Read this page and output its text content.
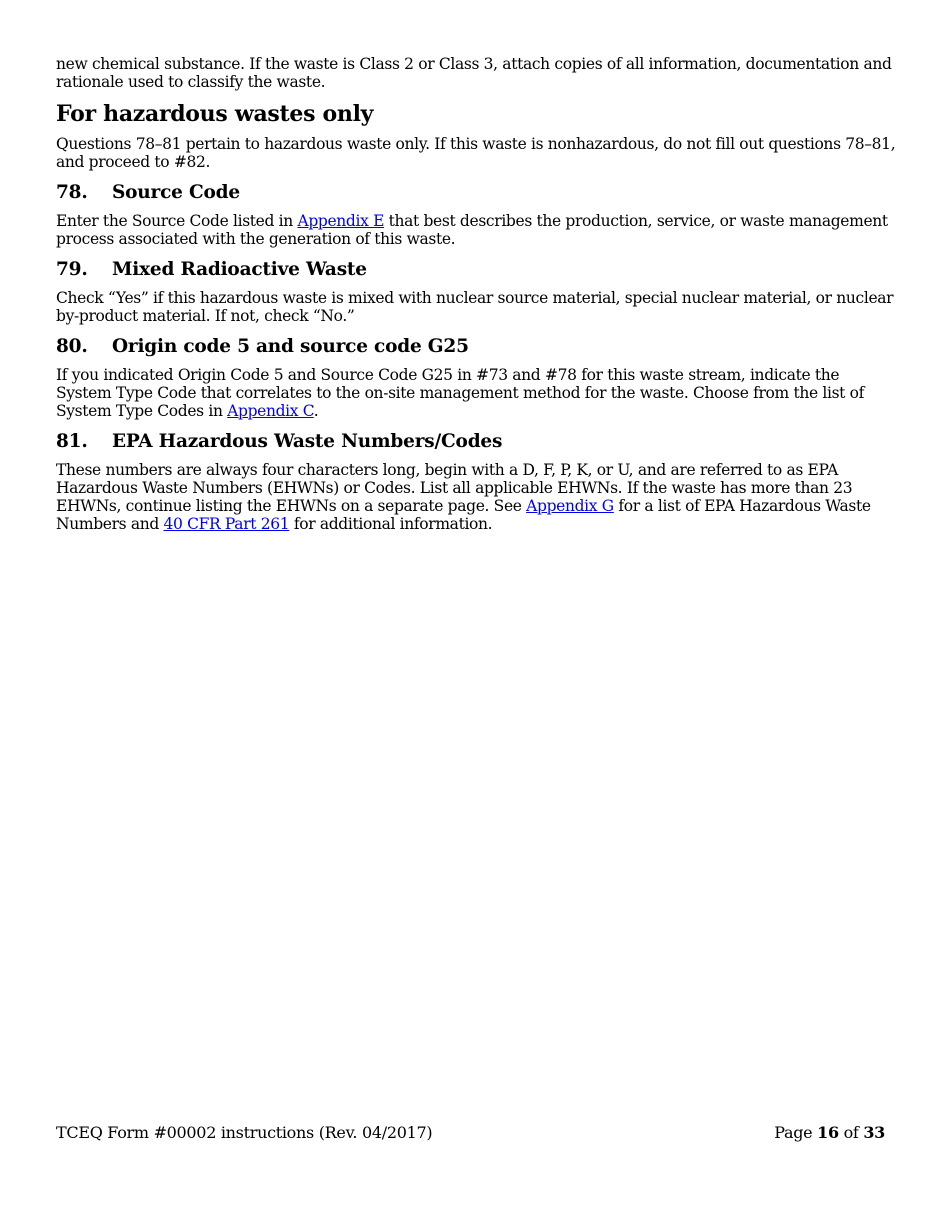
new chemical substance. If the waste is Class 2 or Class 3, attach copies of all information, documentation and rationale used to classify the waste.

For hazardous wastes only

Questions 78–81 pertain to hazardous waste only. If this waste is nonhazardous, do not fill out questions 78–81, and proceed to #82.

78.	Source Code

Enter the Source Code listed in Appendix E that best describes the production, service, or waste management process associated with the generation of this waste.

79.	Mixed Radioactive Waste

Check “Yes” if this hazardous waste is mixed with nuclear source material, special nuclear material, or nuclear by-product material. If not, check “No.”

80.	Origin code 5 and source code G25

If you indicated Origin Code 5 and Source Code G25 in #73 and #78 for this waste stream, indicate the System Type Code that correlates to the on-site management method for the waste. Choose from the list of System Type Codes in Appendix C.

81.	EPA Hazardous Waste Numbers/Codes

These numbers are always four characters long, begin with a D, F, P, K, or U, and are referred to as EPA Hazardous Waste Numbers (EHWNs) or Codes. List all applicable EHWNs. If the waste has more than 23 EHWNs, continue listing the EHWNs on a separate page. See Appendix G for a list of EPA Hazardous Waste Numbers and 40 CFR Part 261 for additional information.

TCEQ Form #00002 instructions (Rev. 04/2017)	Page 16 of 33
